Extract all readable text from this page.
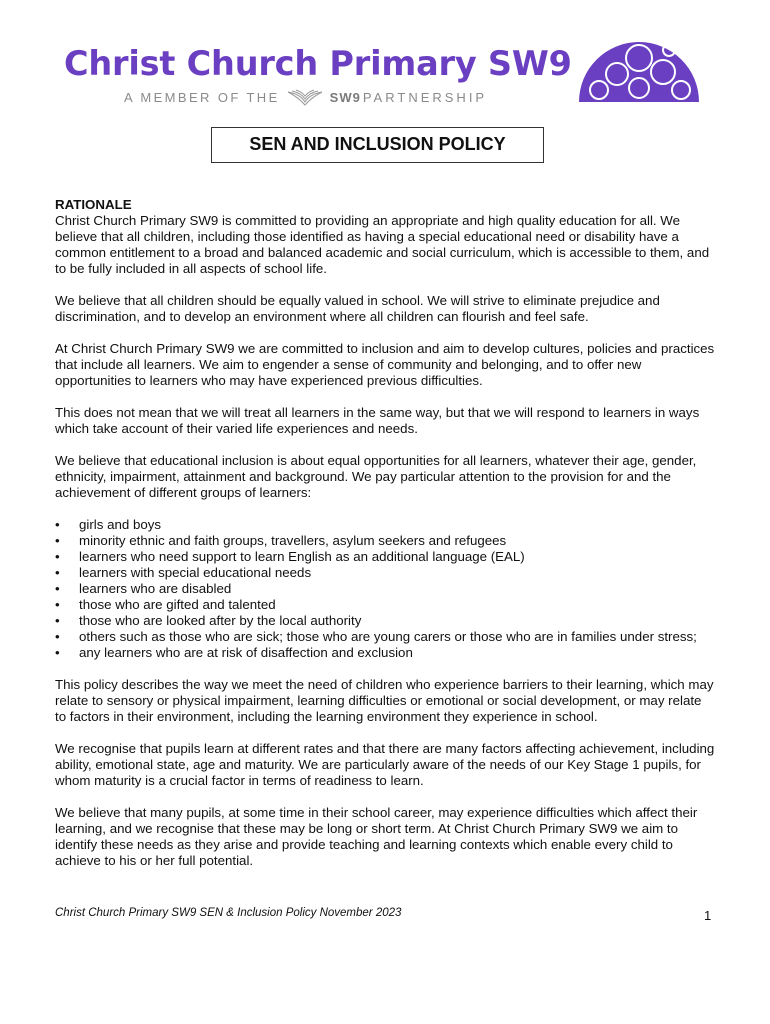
Christ Church Primary SW9
A MEMBER OF THE	SW9 PARTNERSHIP
SEN AND INCLUSION POLICY
RATIONALE

Christ Church Primary SW9 is committed to providing an appropriate and high quality education for all. We believe that all children, including those identified as having a special educational need or disability have a common entitlement to a broad and balanced academic and social curriculum, which is accessible to them, and to be fully included in all aspects of school life.

We believe that all children should be equally valued in school. We will strive to eliminate prejudice and discrimination, and to develop an environment where all children can flourish and feel safe.

At Christ Church Primary SW9 we are committed to inclusion and aim to develop cultures, policies and practices that include all learners. We aim to engender a sense of community and belonging, and to offer new opportunities to learners who may have experienced previous difficulties.

This does not mean that we will treat all learners in the same way, but that we will respond to learners in ways which take account of their varied life experiences and needs.

We believe that educational inclusion is about equal opportunities for all learners, whatever their age, gender, ethnicity, impairment, attainment and background. We pay particular attention to the provision for and the achievement of different groups of learners:

• girls and boys
• minority ethnic and faith groups, travellers, asylum seekers and refugees
• learners who need support to learn English as an additional language (EAL)
• learners with special educational needs
• learners who are disabled
• those who are gifted and talented
• those who are looked after by the local authority
• others such as those who are sick; those who are young carers or those who are in families under stress;
• any learners who are at risk of disaffection and exclusion

This policy describes the way we meet the need of children who experience barriers to their learning, which may relate to sensory or physical impairment, learning difficulties or emotional or social development, or may relate to factors in their environment, including the learning environment they experience in school.

We recognise that pupils learn at different rates and that there are many factors affecting achievement, including ability, emotional state, age and maturity. We are particularly aware of the needs of our Key Stage 1 pupils, for whom maturity is a crucial factor in terms of readiness to learn.

We believe that many pupils, at some time in their school career, may experience difficulties which affect their learning, and we recognise that these may be long or short term. At Christ Church Primary SW9 we aim to identify these needs as they arise and provide teaching and learning contexts which enable every child to achieve to his or her full potential.

Christ Church Primary SW9 SEN & Inclusion Policy November 2023	1
